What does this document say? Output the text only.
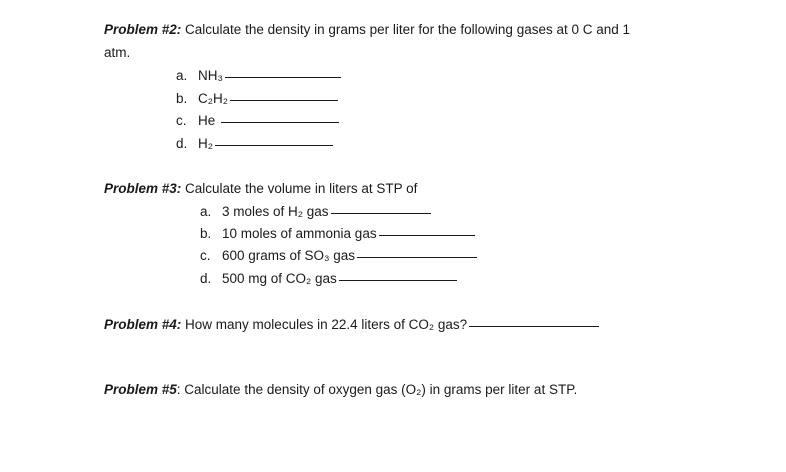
Problem #2: Calculate the density in grams per liter for the following gases at 0 C and 1
atm.
a. NH₃
b. C₂H₂
c. He
d. H₂
Problem #3: Calculate the volume in liters at STP of
a. 3 moles of H₂ gas
b. 10 moles of ammonia gas
c. 600 grams of SO₃ gas
d. 500 mg of CO₂ gas
Problem #4: How many molecules in 22.4 liters of CO₂ gas?
Problem #5: Calculate the density of oxygen gas (O₂) in grams per liter at STP.
